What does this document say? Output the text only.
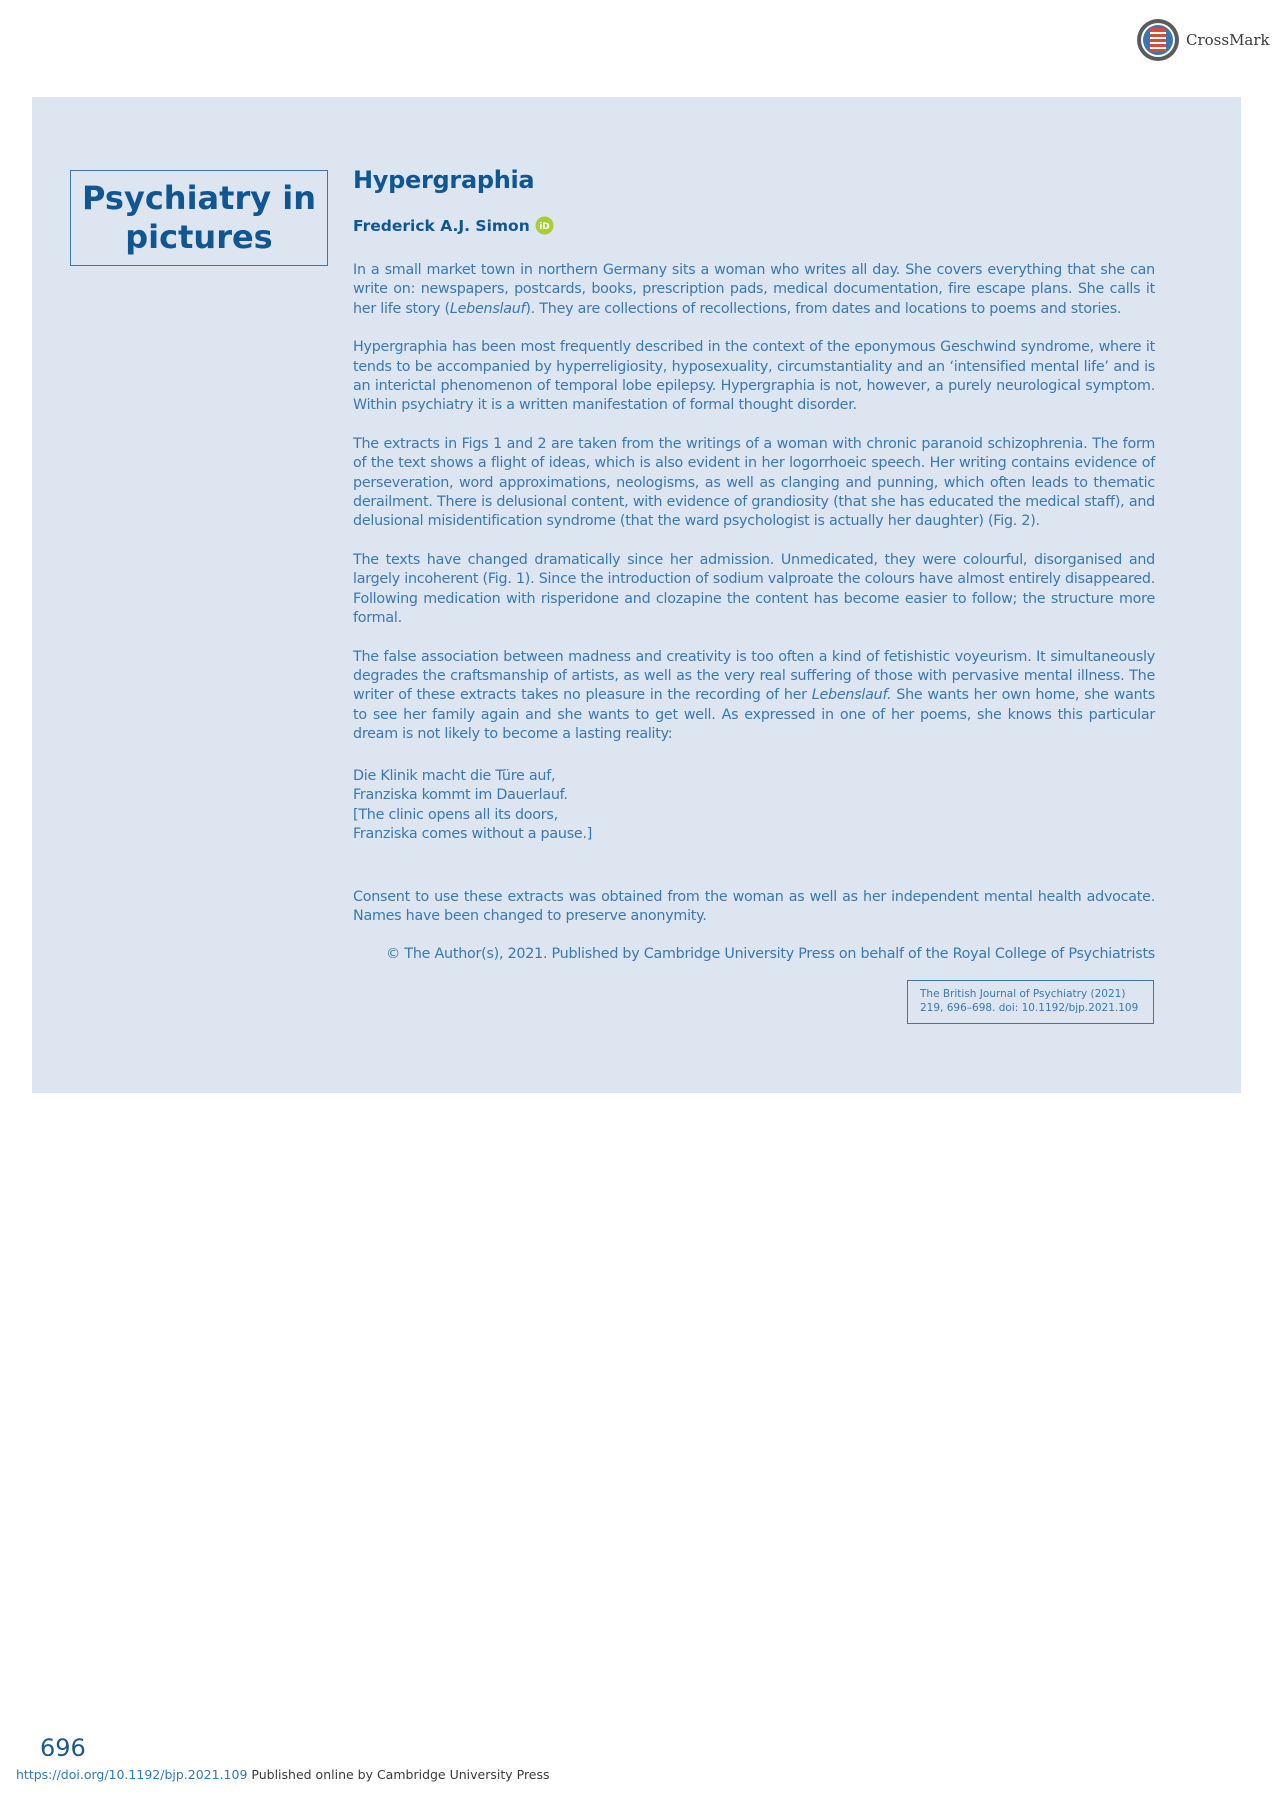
CrossMark
Psychiatry in
pictures
Hypergraphia
Frederick A.J. Simon iD

In a small market town in northern Germany sits a woman who writes all day. She covers everything that she can write on: newspapers, postcards, books, prescription pads, medical documentation, fire escape plans. She calls it her life story (Lebenslauf). They are collections of recollections, from dates and locations to poems and stories.

Hypergraphia has been most frequently described in the context of the eponymous Geschwind syndrome, where it tends to be accompanied by hyperreligiosity, hyposexuality, circumstantiality and an ‘intensified mental life’ and is an interictal phenomenon of temporal lobe epilepsy. Hypergraphia is not, however, a purely neurological symptom. Within psychiatry it is a written manifestation of formal thought disorder.

The extracts in Figs 1 and 2 are taken from the writings of a woman with chronic paranoid schizophrenia. The form of the text shows a flight of ideas, which is also evident in her logorrhoeic speech. Her writing contains evidence of perseveration, word approximations, neologisms, as well as clanging and punning, which often leads to thematic derailment. There is delusional content, with evidence of grandiosity (that she has educated the medical staff), and delusional misidentification syndrome (that the ward psychologist is actually her daughter) (Fig. 2).

The texts have changed dramatically since her admission. Unmedicated, they were colourful, disorganised and largely incoherent (Fig. 1). Since the introduction of sodium valproate the colours have almost entirely disappeared. Following medication with risperidone and clozapine the content has become easier to follow; the structure more formal.

The false association between madness and creativity is too often a kind of fetishistic voyeurism. It simultaneously degrades the craftsmanship of artists, as well as the very real suffering of those with pervasive mental illness. The writer of these extracts takes no pleasure in the recording of her Lebenslauf. She wants her own home, she wants to see her family again and she wants to get well. As expressed in one of her poems, she knows this particular dream is not likely to become a lasting reality:

Die Klinik macht die Türe auf,
Franziska kommt im Dauerlauf.
[The clinic opens all its doors,
Franziska comes without a pause.]

Consent to use these extracts was obtained from the woman as well as her independent mental health advocate. Names have been changed to preserve anonymity.

© The Author(s), 2021. Published by Cambridge University Press on behalf of the Royal College of Psychiatrists

The British Journal of Psychiatry (2021)
219, 696–698. doi: 10.1192/bjp.2021.109
696
https://doi.org/10.1192/bjp.2021.109 Published online by Cambridge University Press
